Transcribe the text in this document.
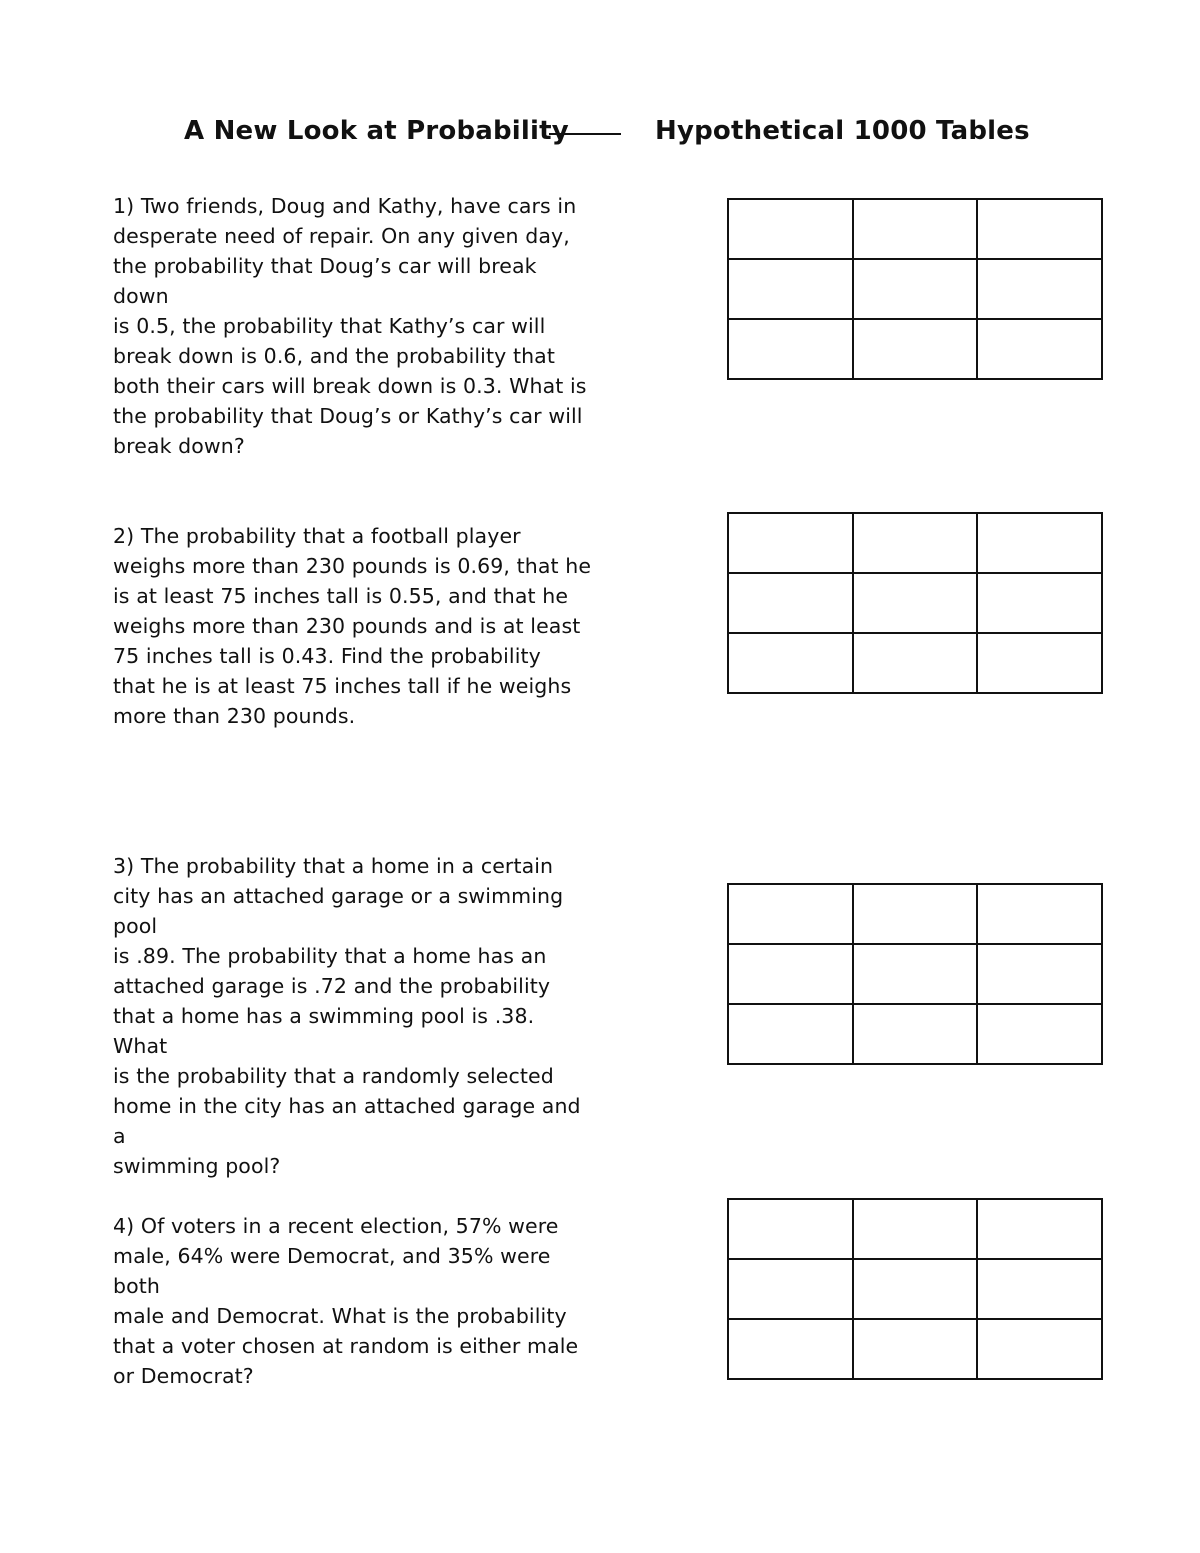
A New Look at Probability	Hypothetical 1000 Tables

1) Two friends, Doug and Kathy, have cars in

desperate need of repair. On any given day,

the probability that Doug’s car will break down

is 0.5, the probability that Kathy’s car will

break down is 0.6, and the probability that

both their cars will break down is 0.3. What is

the probability that Doug’s or Kathy’s car will

break down?

2) The probability that a football player

weighs more than 230 pounds is 0.69, that he

is at least 75 inches tall is 0.55, and that he

weighs more than 230 pounds and is at least

75 inches tall is 0.43. Find the probability

that he is at least 75 inches tall if he weighs

more than 230 pounds.

3) The probability that a home in a certain

city has an attached garage or a swimming pool

is .89. The probability that a home has an

attached garage is .72 and the probability

that a home has a swimming pool is .38. What

is the probability that a randomly selected

home in the city has an attached garage and a

swimming pool?

4) Of voters in a recent election, 57% were

male, 64% were Democrat, and 35% were both

male and Democrat. What is the probability

that a voter chosen at random is either male

or Democrat?
